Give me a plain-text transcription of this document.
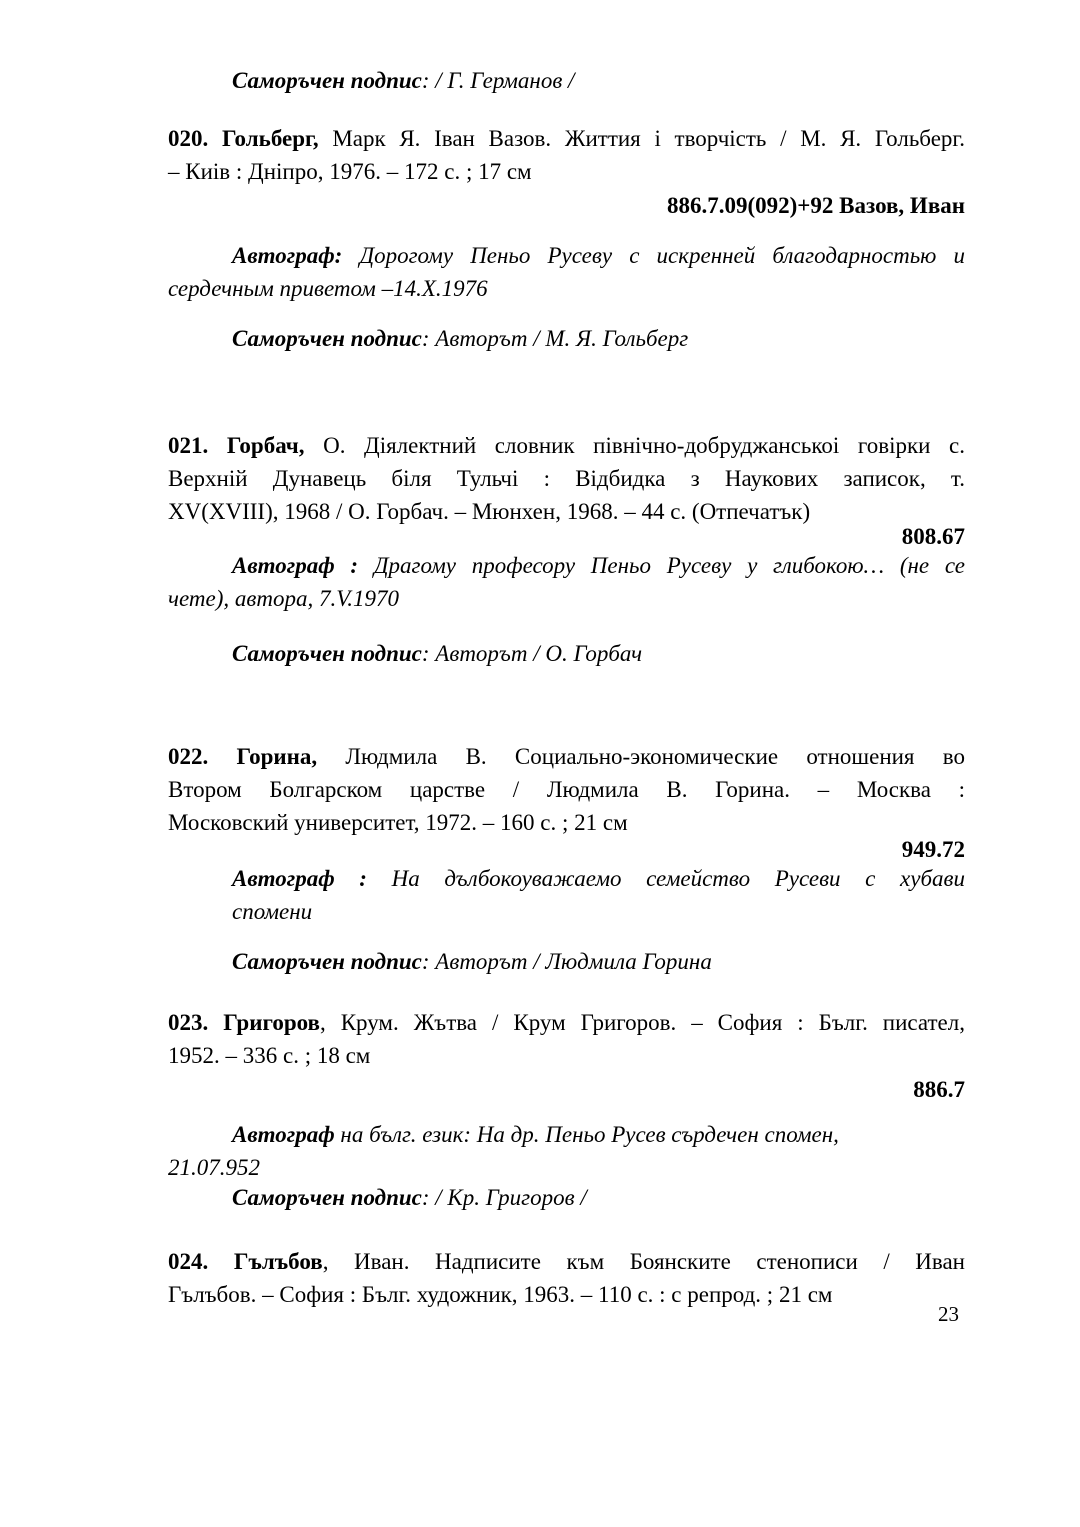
Саморъчен подпис: / Г. Германов /
020. Гольберг, Марк Я. Іван Вазов. Життия і творчість / М. Я. Гольберг.
– Киів : Дніпро, 1976. – 172 с. ; 17 см
886.7.09(092)+92 Вазов, Иван
Автограф: Дорогому Пеньо Русеву с искренней благодарностью и
сердечным приветом –14.Х.1976
Саморъчен подпис: Авторът / М. Я. Гольберг
021. Горбач, О. Діялектний словник північно-добруджанськоі говірки с.
Верхній Дунавець біля Тульчі : Відбидка з Наукових записок, т.
XV(XVIII), 1968 / О. Горбач. – Мюнхен, 1968. – 44 с. (Отпечатък)
808.67
Автограф : Драгому професору Пеньо Русеву у глибокою… (не се
чете), автора, 7.V.1970
Саморъчен подпис: Авторът / О. Горбач
022. Горина, Людмила В. Социально-экономические отношения во
Втором Болгарском царстве / Людмила В. Горина. – Москва :
Московский университет, 1972. – 160 с. ; 21 см
949.72
Автограф : На дълбокоуважаемо семейство Русеви с хубави
спомени
Саморъчен подпис: Авторът / Людмила Горина
023. Григоров, Крум. Жътва / Крум Григоров. – София : Бълг. писател,
1952. – 336 с. ; 18 см
886.7
Автограф на бълг. език: На др. Пеньо Русев сърдечен спомен,
21.07.952
Саморъчен подпис: / Кр. Григоров /
024. Гълъбов, Иван. Надписите към Боянските стенописи / Иван
Гълъбов. – София : Бълг. художник, 1963. – 110 с. : с репрод. ; 21 см
23
